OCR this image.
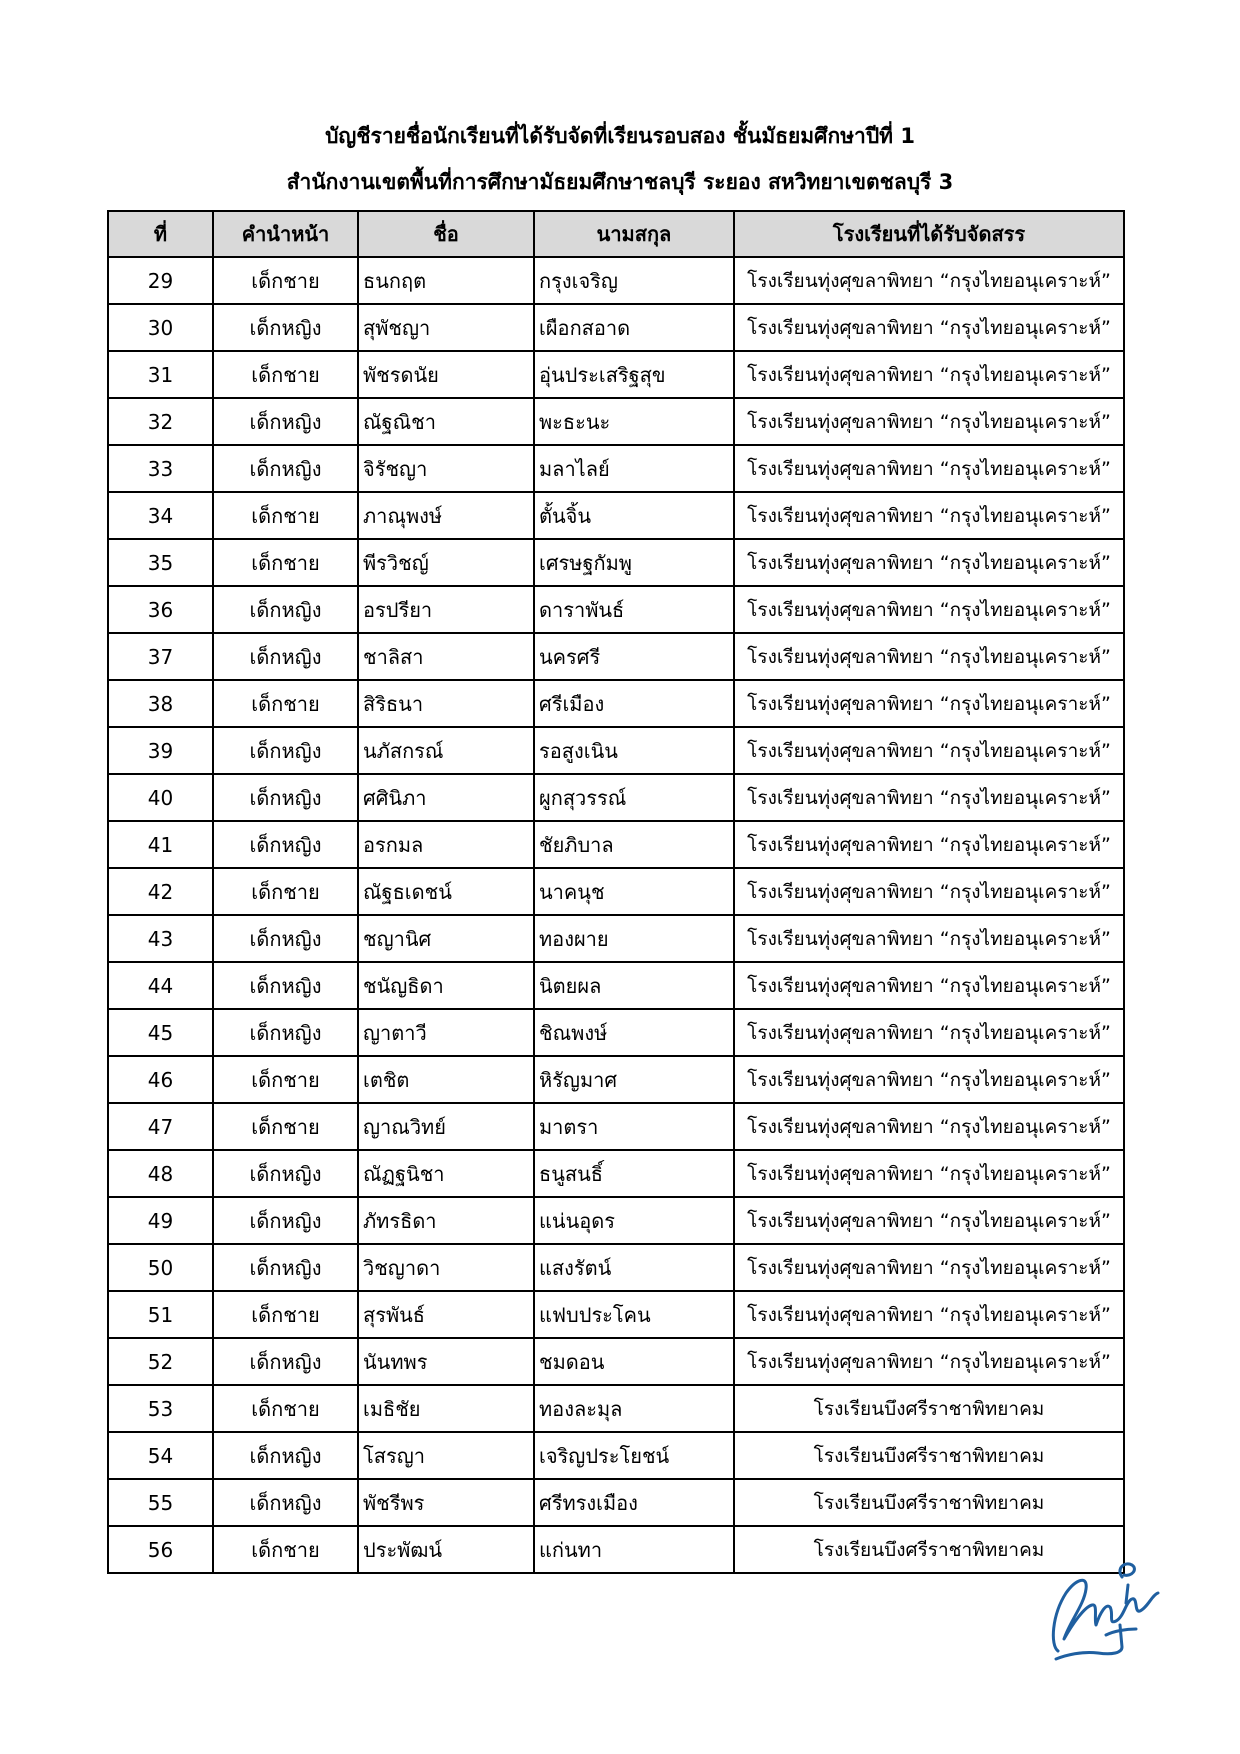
บัญชีรายชื่อนักเรียนที่ได้รับจัดที่เรียนรอบสอง ชั้นมัธยมศึกษาปีที่ 1
สำนักงานเขตพื้นที่การศึกษามัธยมศึกษาชลบุรี ระยอง สหวิทยาเขตชลบุรี 3
ที่	คำนำหน้า	ชื่อ	นามสกุล	โรงเรียนที่ได้รับจัดสรร
29	เด็กชาย	ธนกฤต	กรุงเจริญ	โรงเรียนทุ่งศุขลาพิทยา “กรุงไทยอนุเคราะห์”
30	เด็กหญิง	สุพัชญา	เผือกสอาด	โรงเรียนทุ่งศุขลาพิทยา “กรุงไทยอนุเคราะห์”
31	เด็กชาย	พัชรดนัย	อุ่นประเสริฐสุข	โรงเรียนทุ่งศุขลาพิทยา “กรุงไทยอนุเคราะห์”
32	เด็กหญิง	ณัฐณิชา	พะธะนะ	โรงเรียนทุ่งศุขลาพิทยา “กรุงไทยอนุเคราะห์”
33	เด็กหญิง	จิรัชญา	มลาไลย์	โรงเรียนทุ่งศุขลาพิทยา “กรุงไทยอนุเคราะห์”
34	เด็กชาย	ภาณุพงษ์	ตั้นจิ้น	โรงเรียนทุ่งศุขลาพิทยา “กรุงไทยอนุเคราะห์”
35	เด็กชาย	พีรวิชญ์	เศรษฐกัมพู	โรงเรียนทุ่งศุขลาพิทยา “กรุงไทยอนุเคราะห์”
36	เด็กหญิง	อรปรียา	ดาราพันธ์	โรงเรียนทุ่งศุขลาพิทยา “กรุงไทยอนุเคราะห์”
37	เด็กหญิง	ชาลิสา	นครศรี	โรงเรียนทุ่งศุขลาพิทยา “กรุงไทยอนุเคราะห์”
38	เด็กชาย	สิริธนา	ศรีเมือง	โรงเรียนทุ่งศุขลาพิทยา “กรุงไทยอนุเคราะห์”
39	เด็กหญิง	นภัสกรณ์	รอสูงเนิน	โรงเรียนทุ่งศุขลาพิทยา “กรุงไทยอนุเคราะห์”
40	เด็กหญิง	ศศินิภา	ผูกสุวรรณ์	โรงเรียนทุ่งศุขลาพิทยา “กรุงไทยอนุเคราะห์”
41	เด็กหญิง	อรกมล	ชัยภิบาล	โรงเรียนทุ่งศุขลาพิทยา “กรุงไทยอนุเคราะห์”
42	เด็กชาย	ณัฐธเดชน์	นาคนุช	โรงเรียนทุ่งศุขลาพิทยา “กรุงไทยอนุเคราะห์”
43	เด็กหญิง	ชญานิศ	ทองผาย	โรงเรียนทุ่งศุขลาพิทยา “กรุงไทยอนุเคราะห์”
44	เด็กหญิง	ชนัญธิดา	นิตยผล	โรงเรียนทุ่งศุขลาพิทยา “กรุงไทยอนุเคราะห์”
45	เด็กหญิง	ญาตาวี	ชิณพงษ์	โรงเรียนทุ่งศุขลาพิทยา “กรุงไทยอนุเคราะห์”
46	เด็กชาย	เตชิต	หิรัญมาศ	โรงเรียนทุ่งศุขลาพิทยา “กรุงไทยอนุเคราะห์”
47	เด็กชาย	ญาณวิทย์	มาตรา	โรงเรียนทุ่งศุขลาพิทยา “กรุงไทยอนุเคราะห์”
48	เด็กหญิง	ณัฏฐนิชา	ธนูสนธิ์	โรงเรียนทุ่งศุขลาพิทยา “กรุงไทยอนุเคราะห์”
49	เด็กหญิง	ภัทรธิดา	แน่นอุดร	โรงเรียนทุ่งศุขลาพิทยา “กรุงไทยอนุเคราะห์”
50	เด็กหญิง	วิชญาดา	แสงรัตน์	โรงเรียนทุ่งศุขลาพิทยา “กรุงไทยอนุเคราะห์”
51	เด็กชาย	สุรพันธ์	แฟบประโคน	โรงเรียนทุ่งศุขลาพิทยา “กรุงไทยอนุเคราะห์”
52	เด็กหญิง	นันทพร	ชมดอน	โรงเรียนทุ่งศุขลาพิทยา “กรุงไทยอนุเคราะห์”
53	เด็กชาย	เมธิชัย	ทองละมุล	โรงเรียนบึงศรีราชาพิทยาคม
54	เด็กหญิง	โสรญา	เจริญประโยชน์	โรงเรียนบึงศรีราชาพิทยาคม
55	เด็กหญิง	พัชรีพร	ศรีทรงเมือง	โรงเรียนบึงศรีราชาพิทยาคม
56	เด็กชาย	ประพัฒน์	แก่นทา	โรงเรียนบึงศรีราชาพิทยาคม
